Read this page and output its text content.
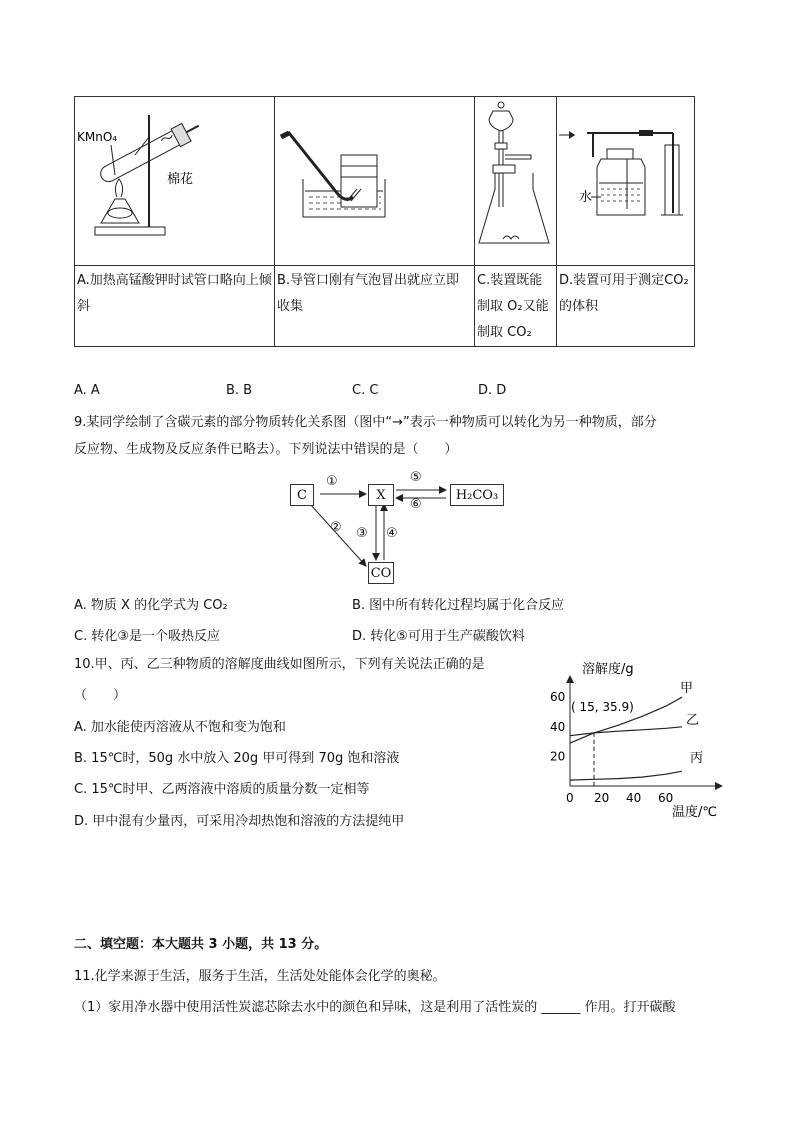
KMnO₄
棉花			水

A.加热高锰酸钾时试管口略向上倾斜	B.导管口刚有气泡冒出就应立即收集	C.装置既能制取 O₂又能制取 CO₂	D.装置可用于测定CO₂的体积
A. A	B. B	C. C	D. D
9.某同学绘制了含碳元素的部分物质转化关系图（图中“→”表示一种物质可以转化为另一种物质，部分
反应物、生成物及反应条件已略去）。下列说法中错误的是（　　）
C	X	H₂CO₃
CO
①	⑤
⑥
② ③ ④
A. 物质 X 的化学式为 CO₂	B. 图中所有转化过程均属于化合反应
C. 转化③是一个吸热反应	D. 转化⑤可用于生产碳酸饮料
10.甲、丙、乙三种物质的溶解度曲线如图所示，下列有关说法正确的是
（　　）
A. 加水能使丙溶液从不饱和变为饱和
B. 15℃时，50g 水中放入 20g 甲可得到 70g 饱和溶液
C. 15℃时甲、乙两溶液中溶质的质量分数一定相等
D. 甲中混有少量丙，可采用冷却热饱和溶液的方法提纯甲
0 20 40 60
20
40
60
溶解度/g
温度/℃
( 15, 35.9)
甲
乙
丙
二、填空题：本大题共 3 小题，共 13 分。
11.化学来源于生活，服务于生活，生活处处能体会化学的奥秘。
（1）家用净水器中使用活性炭滤芯除去水中的颜色和异味，这是利用了活性炭的 ______ 作用。打开碳酸
